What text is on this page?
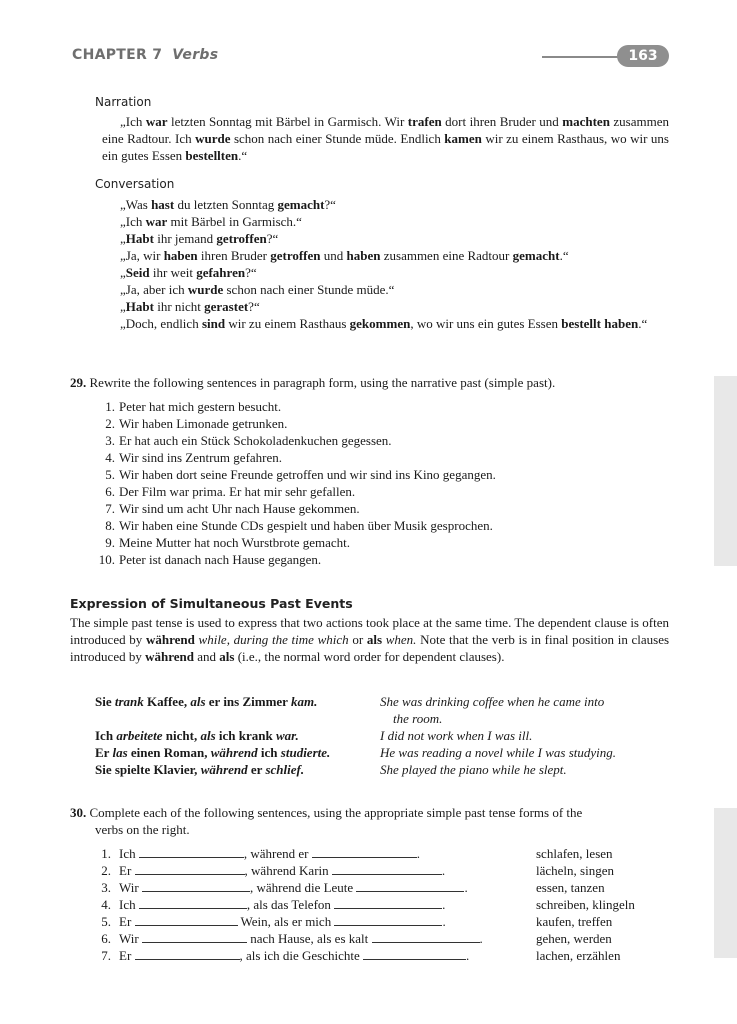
CHAPTER 7 Verbs	163
Narration
„Ich war letzten Sonntag mit Bärbel in Garmisch. Wir trafen dort ihren Bruder und machten zusammen eine Radtour. Ich wurde schon nach einer Stunde müde. Endlich kamen wir zu einem Rasthaus, wo wir uns ein gutes Essen bestellten.“
Conversation
„Was hast du letzten Sonntag gemacht?“
„Ich war mit Bärbel in Garmisch.“
„Habt ihr jemand getroffen?“
„Ja, wir haben ihren Bruder getroffen und haben zusammen eine Radtour gemacht.“
„Seid ihr weit gefahren?“
„Ja, aber ich wurde schon nach einer Stunde müde.“
„Habt ihr nicht gerastet?“
„Doch, endlich sind wir zu einem Rasthaus gekommen, wo wir uns ein gutes Essen bestellt haben.“
29. Rewrite the following sentences in paragraph form, using the narrative past (simple past).
1. Peter hat mich gestern besucht.
2. Wir haben Limonade getrunken.
3. Er hat auch ein Stück Schokoladenkuchen gegessen.
4. Wir sind ins Zentrum gefahren.
5. Wir haben dort seine Freunde getroffen und wir sind ins Kino gegangen.
6. Der Film war prima. Er hat mir sehr gefallen.
7. Wir sind um acht Uhr nach Hause gekommen.
8. Wir haben eine Stunde CDs gespielt und haben über Musik gesprochen.
9. Meine Mutter hat noch Wurstbrote gemacht.
10. Peter ist danach nach Hause gegangen.
Expression of Simultaneous Past Events
The simple past tense is used to express that two actions took place at the same time. The dependent clause is often introduced by während while, during the time which or als when. Note that the verb is in final position in clauses introduced by während and als (i.e., the normal word order for dependent clauses).
Sie trank Kaffee, als er ins Zimmer kam.	She was drinking coffee when he came into
the room.
Ich arbeitete nicht, als ich krank war.	I did not work when I was ill.
Er las einen Roman, während ich studierte.	He was reading a novel while I was studying.
Sie spielte Klavier, während er schlief.	She played the piano while he slept.
30. Complete each of the following sentences, using the appropriate simple past tense forms of the
verbs on the right.
1. Ich	, während er	.	schlafen, lesen
2. Er	, während Karin	.	lächeln, singen
3. Wir	, während die Leute	.	essen, tanzen
4. Ich	, als das Telefon	.	schreiben, klingeln
5. Er	Wein, als er mich	.	kaufen, treffen
6. Wir	nach Hause, als es kalt	.	gehen, werden
7. Er	, als ich die Geschichte	.	lachen, erzählen
